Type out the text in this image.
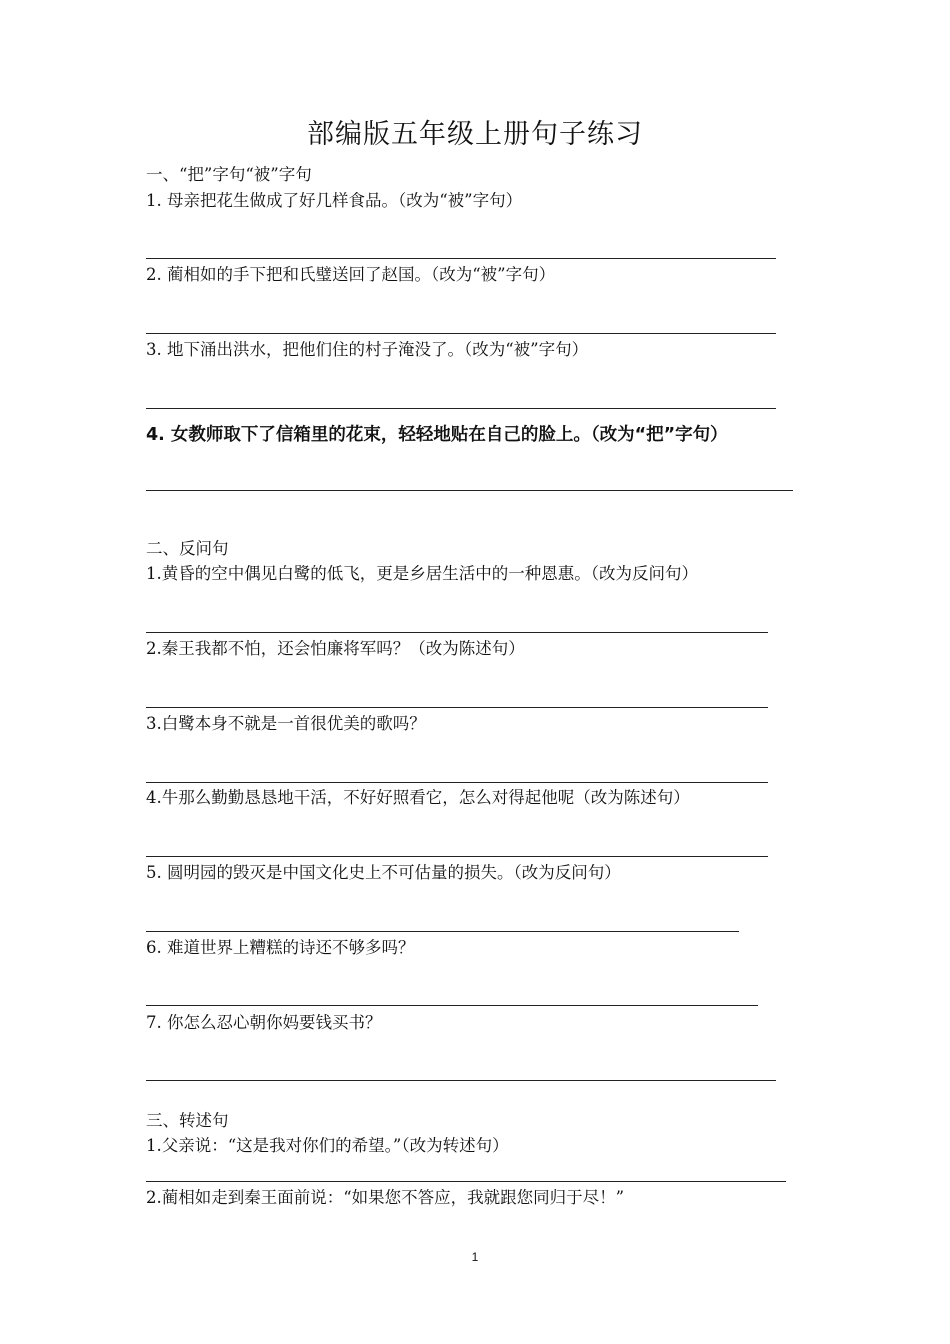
部编版五年级上册句子练习
一、“把”字句“被”字句
1. 母亲把花生做成了好几样食品。（改为“被”字句）
2. 蔺相如的手下把和氏璧送回了赵国。（改为“被”字句）
3. 地下涌出洪水，把他们住的村子淹没了。（改为“被”字句）
4. 女教师取下了信箱里的花束，轻轻地贴在自己的脸上。（改为“把”字句）
二、反问句
1.黄昏的空中偶见白鹭的低飞，更是乡居生活中的一种恩惠。（改为反问句）
2.秦王我都不怕，还会怕廉将军吗？（改为陈述句）
3.白鹭本身不就是一首很优美的歌吗？
4.牛那么勤勤恳恳地干活，不好好照看它，怎么对得起他呢（改为陈述句）
5. 圆明园的毁灭是中国文化史上不可估量的损失。（改为反问句）
6. 难道世界上糟糕的诗还不够多吗？
7. 你怎么忍心朝你妈要钱买书？
三、转述句
1.父亲说：“这是我对你们的希望。”（改为转述句）
2.蔺相如走到秦王面前说：“如果您不答应，我就跟您同归于尽！”
1
